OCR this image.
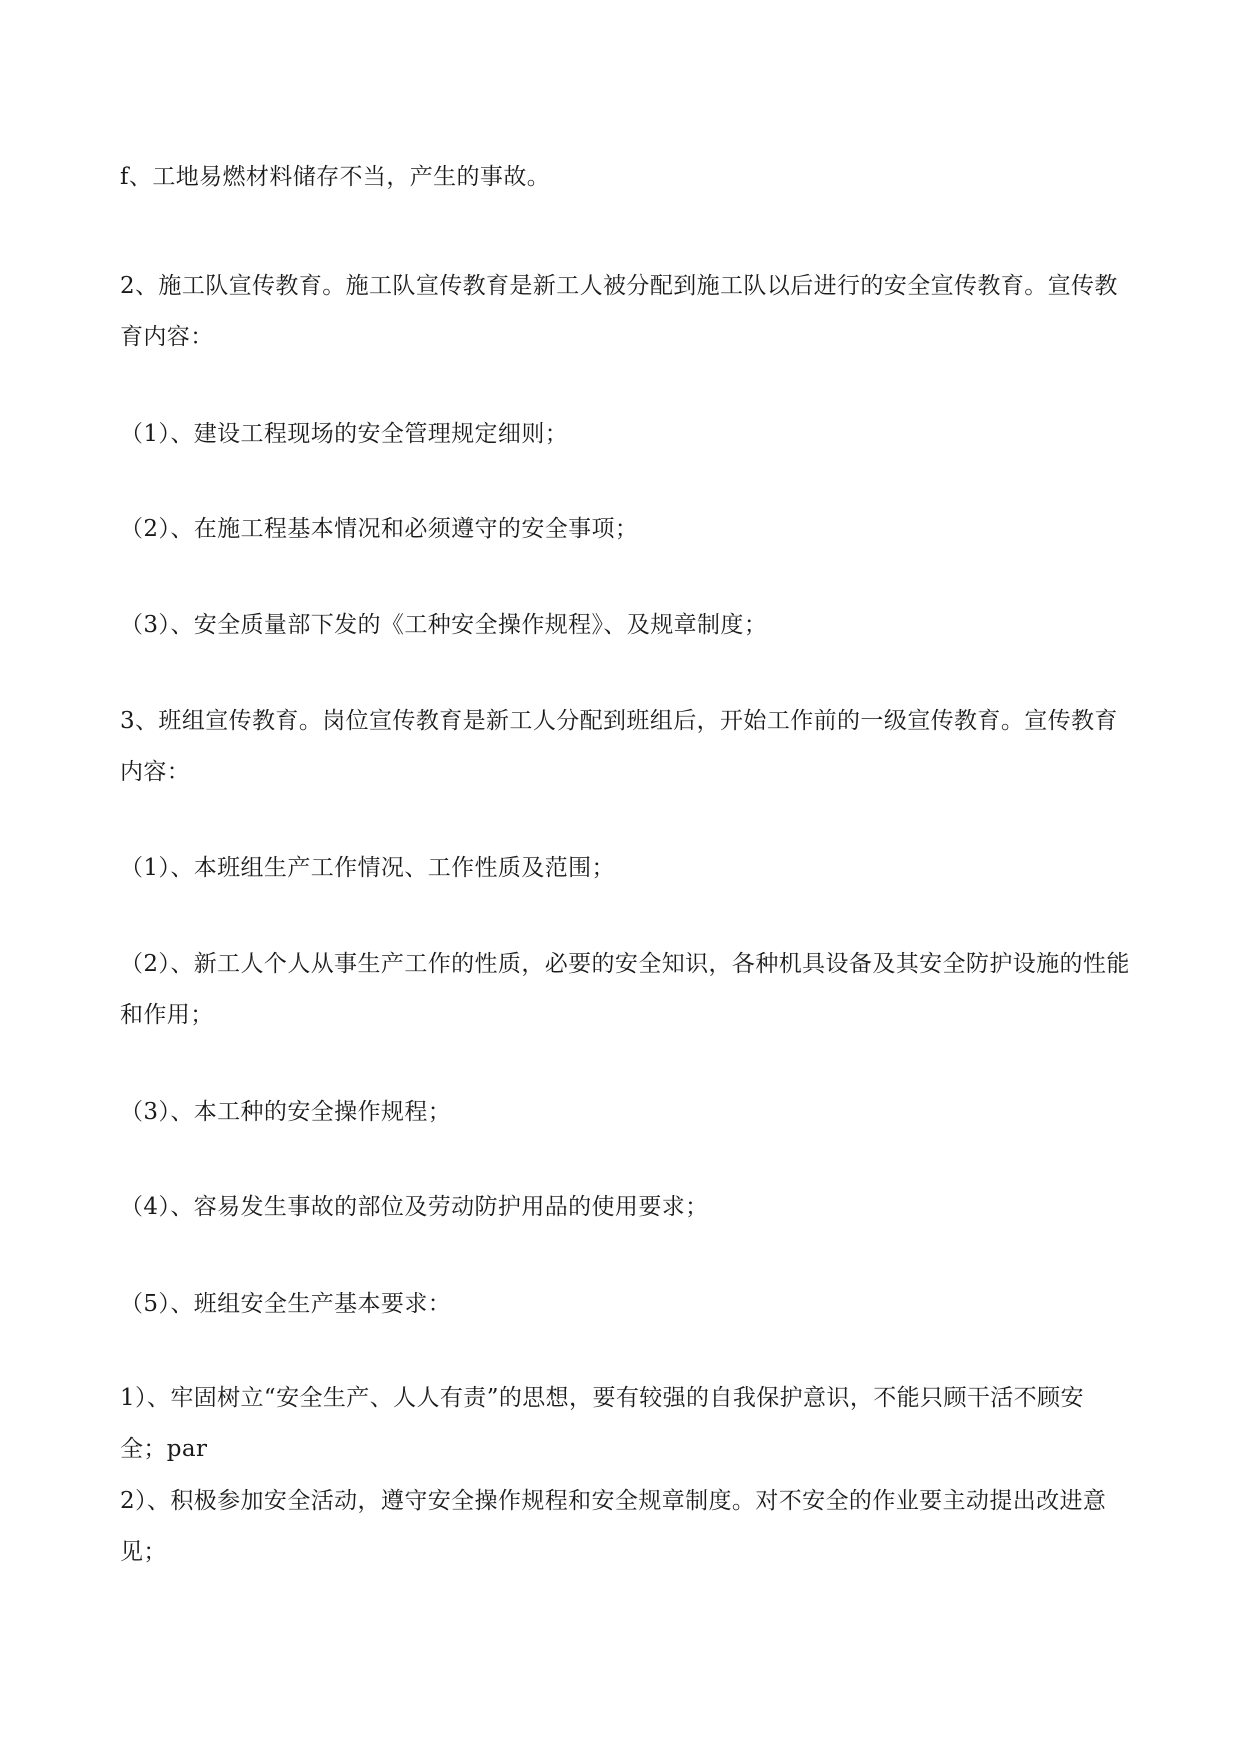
f、工地易燃材料储存不当，产生的事故。

2、施工队宣传教育。施工队宣传教育是新工人被分配到施工队以后进行的安全宣传教育。宣传教育内容：

（1）、建设工程现场的安全管理规定细则；

（2）、在施工程基本情况和必须遵守的安全事项；

（3）、安全质量部下发的《工种安全操作规程》、及规章制度；

3、班组宣传教育。岗位宣传教育是新工人分配到班组后，开始工作前的一级宣传教育。宣传教育内容：

（1）、本班组生产工作情况、工作性质及范围；

（2）、新工人个人从事生产工作的性质，必要的安全知识，各种机具设备及其安全防护设施的性能和作用；

（3）、本工种的安全操作规程；

（4）、容易发生事故的部位及劳动防护用品的使用要求；

（5）、班组安全生产基本要求：

1）、牢固树立“安全生产、人人有责”的思想，要有较强的自我保护意识，不能只顾干活不顾安全；par

2）、积极参加安全活动，遵守安全操作规程和安全规章制度。对不安全的作业要主动提出改进意见；
